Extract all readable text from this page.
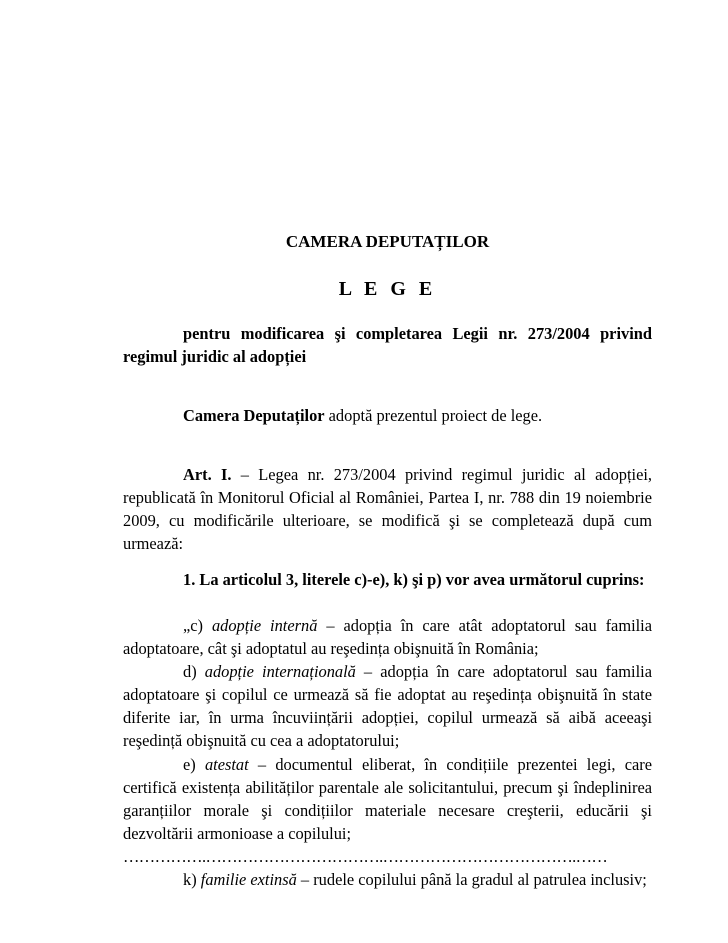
CAMERA DEPUTAȚILOR
L E G E

pentru modificarea şi completarea Legii nr. 273/2004 privind

regimul juridic al adopției

Camera Deputaților adoptă prezentul proiect de lege.

Art. I. – Legea nr. 273/2004 privind regimul juridic al adopției, republicată în Monitorul Oficial al României, Partea I, nr. 788 din 19 noiembrie 2009, cu modificările ulterioare, se modifică şi se completează după cum urmează:

1. La articolul 3, literele c)-e), k) şi p) vor avea următorul cuprins:

„c) adopție internă – adopția în care atât adoptatorul sau familia adoptatoare, cât şi adoptatul au reşedința obişnuită în România;

d) adopție internațională – adopția în care adoptatorul sau familia adoptatoare şi copilul ce urmează să fie adoptat au reşedința obişnuită în state diferite iar, în urma încuviințării adopției, copilul urmează să aibă aceeaşi reşedință obişnuită cu cea a adoptatorului;

e) atestat – documentul eliberat, în condițiile prezentei legi, care certifică existența abilităților parentale ale solicitantului, precum şi îndeplinirea garanțiilor morale şi condițiilor materiale necesare creşterii, educării şi dezvoltării armonioase a copilului;

…………….…………………………….……………………………….……

k) familie extinsă – rudele copilului până la gradul al patrulea inclusiv;
